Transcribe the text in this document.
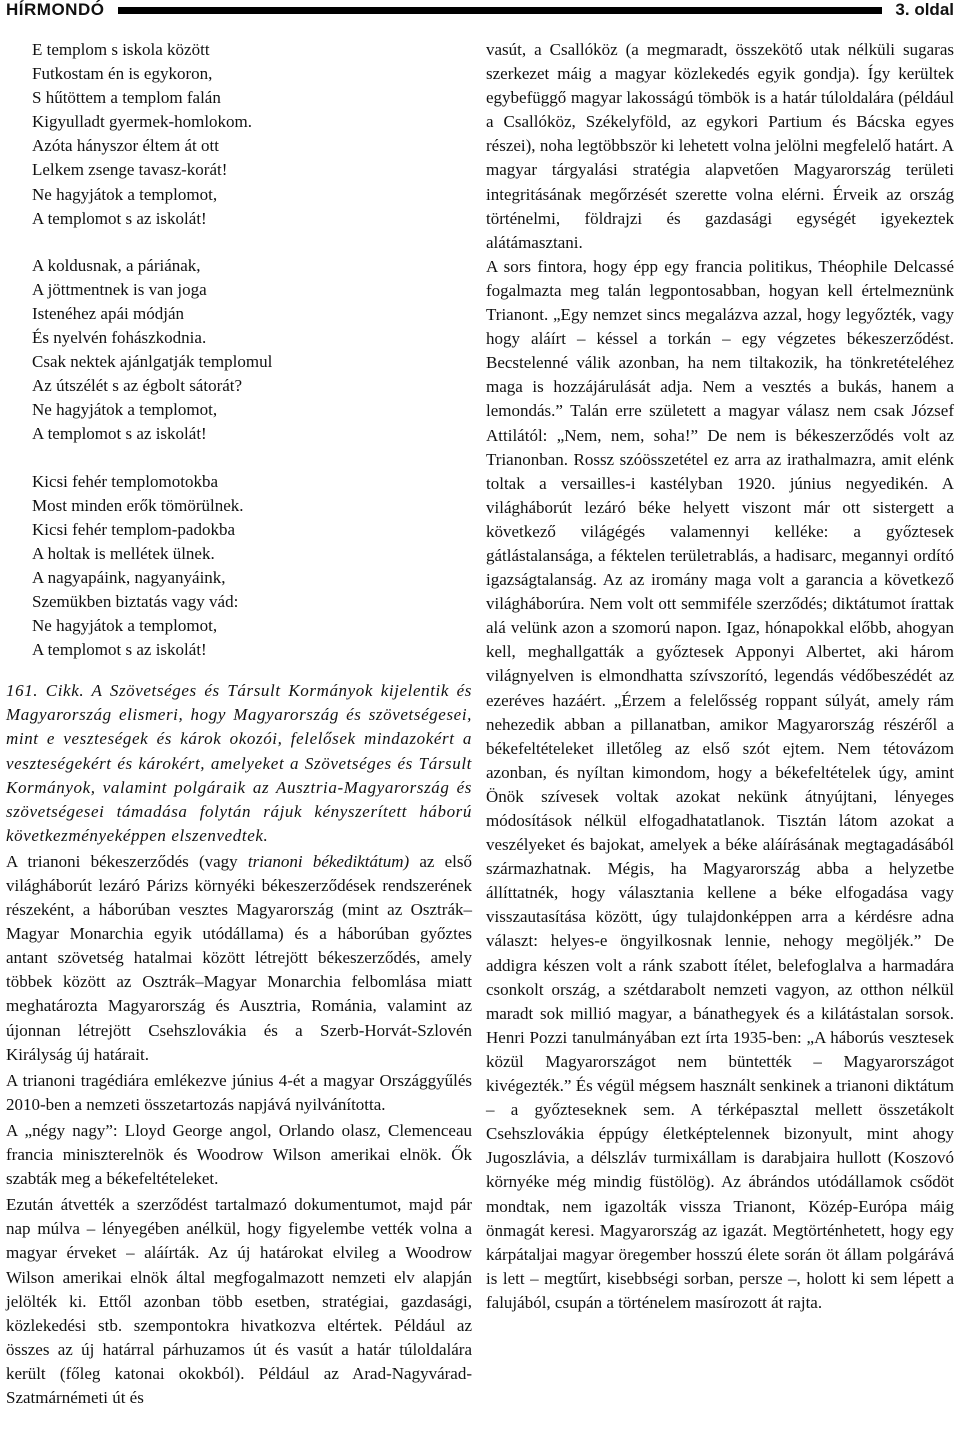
HÍRMONDÓ	3. oldal
E templom s iskola között
Futkostam én is egykoron,
S hűtöttem a templom falán
Kigyulladt gyermek-homlokom.
Azóta hányszor éltem át ott
Lelkem zsenge tavasz-korát!
Ne hagyjátok a templomot,
A templomot s az iskolát!
A koldusnak, a páriának,
A jöttmentnek is van joga
Istenéhez apái módján
És nyelvén fohászkodnia.
Csak nektek ajánlgatják templomul
Az útszélét s az égbolt sátorát?
Ne hagyjátok a templomot,
A templomot s az iskolát!
Kicsi fehér templomotokba
Most minden erők tömörülnek.
Kicsi fehér templom-padokba
A holtak is mellétek ülnek.
A nagyapáink, nagyanyáink,
Szemükben biztatás vagy vád:
Ne hagyjátok a templomot,
A templomot s az iskolát!

161. Cikk. A Szövetséges és Társult Kormányok kijelentik és Magyarország elismeri, hogy Magyarország és szövetségesei, mint e veszteségek és károk okozói, felelősek mindazokért a veszteségekért és károkért, amelyeket a Szövetséges és Társult Kormányok, valamint polgáraik az Ausztria-Magyarország és szövetségesei támadása folytán rájuk kényszerített háború következményeképpen elszenvedtek.

A trianoni békeszerződés (vagy trianoni békediktátum) az első világháborút lezáró Párizs környéki békeszerződések rendszerének részeként, a háborúban vesztes Magyarország (mint az Osztrák–Magyar Monarchia egyik utódállama) és a háborúban győztes antant szövetség hatalmai között létrejött békeszerződés, amely többek között az Osztrák–Magyar Monarchia felbomlása miatt meghatározta Magyarország és Ausztria, Románia, valamint az újonnan létrejött Csehszlovákia és a Szerb-Horvát-Szlovén Királyság új határait.

A trianoni tragédiára emlékezve június 4-ét a magyar Országgyűlés 2010-ben a nemzeti összetartozás napjává nyilvánította.

A „négy nagy”: Lloyd George angol, Orlando olasz, Clemenceau francia miniszterelnök és Woodrow Wilson amerikai elnök. Ők szabták meg a békefeltételeket.

Ezután átvették a szerződést tartalmazó dokumentumot, majd pár nap múlva – lényegében anélkül, hogy figyelembe vették volna a magyar érveket – aláírták. Az új határokat elvileg a Woodrow Wilson amerikai elnök által megfogalmazott nemzeti elv alapján jelölték ki. Ettől azonban több esetben, stratégiai, gazdasági, közlekedési stb. szempontokra hivatkozva eltértek. Például az összes az új határral párhuzamos út és vasút a határ túloldalára került (főleg katonai okokból). Például az Arad-Nagyvárad-Szatmárnémeti út és

vasút, a Csallóköz (a megmaradt, összekötő utak nélküli sugaras szerkezet máig a magyar közlekedés egyik gondja). Így kerültek egybefüggő magyar lakosságú tömbök is a határ túloldalára (például a Csallóköz, Székelyföld, az egykori Partium és Bácska egyes részei), noha legtöbbször ki lehetett volna jelölni megfelelő határt. A magyar tárgyalási stratégia alapvetően Magyarország területi integritásának megőrzését szerette volna elérni. Érveik az ország történelmi, földrajzi és gazdasági egységét igyekeztek alátámasztani.

A sors fintora, hogy épp egy francia politikus, Théophile Delcassé fogalmazta meg talán legpontosabban, hogyan kell értelmeznünk Trianont. „Egy nemzet sincs megalázva azzal, hogy legyőzték, vagy hogy aláírt – késsel a torkán – egy végzetes békeszerződést. Becstelenné válik azonban, ha nem tiltakozik, ha tönkretételéhez maga is hozzájárulását adja. Nem a vesztés a bukás, hanem a lemondás.” Talán erre született a magyar válasz nem csak József Attilától: „Nem, nem, soha!” De nem is békeszerződés volt az Trianonban. Rossz szóösszetétel ez arra az irathalmazra, amit elénk toltak a versailles-i kastélyban 1920. június negyedikén. A világháborút lezáró béke helyett viszont már ott sistergett a következő világégés valamennyi kelléke: a győztesek gátlástalansága, a féktelen területrablás, a hadisarc, megannyi ordító igazságtalanság. Az az iromány maga volt a garancia a következő világháborúra. Nem volt ott semmiféle szerződés; diktátumot írattak alá velünk azon a szomorú napon. Igaz, hónapokkal előbb, ahogyan kell, meghallgatták a győztesek Apponyi Albertet, aki három világnyelven is elmondhatta szívszorító, legendás védőbeszédét az ezeréves hazáért. „Érzem a felelősség roppant súlyát, amely rám nehezedik abban a pillanatban, amikor Magyarország részéről a békefeltételeket illetőleg az első szót ejtem. Nem tétovázom azonban, és nyíltan kimondom, hogy a békefeltételek úgy, amint Önök szívesek voltak azokat nekünk átnyújtani, lényeges módosítások nélkül elfogadhatatlanok. Tisztán látom azokat a veszélyeket és bajokat, amelyek a béke aláírásának megtagadásából származhatnak. Mégis, ha Magyarország abba a helyzetbe állíttatnék, hogy választania kellene a béke elfogadása vagy visszautasítása között, úgy tulajdonképpen arra a kérdésre adna választ: helyes-e öngyilkosnak lennie, nehogy megöljék.” De addigra készen volt a ránk szabott ítélet, belefoglalva a harmadára csonkolt ország, a szétdarabolt nemzeti vagyon, az otthon nélkül maradt sok millió magyar, a bánathegyek és a kilátástalan sorsok. Henri Pozzi tanulmányában ezt írta 1935-ben: „A háborús vesztesek közül Magyarországot nem büntették – Magyarországot kivégezték.” És végül mégsem használt senkinek a trianoni diktátum – a győzteseknek sem. A térképasztal mellett összetákolt Csehszlovákia éppúgy életképtelennek bizonyult, mint ahogy Jugoszlávia, a délszláv turmixállam is darabjaira hullott (Koszovó környéke még mindig füstölög). Az ábrándos utódállamok csődöt mondtak, nem igazolták vissza Trianont, Közép-Európa máig önmagát keresi. Magyarország az igazát. Megtörténhetett, hogy egy kárpátaljai magyar öregember hosszú élete során öt állam polgárává is lett – megtűrt, kisebbségi sorban, persze –, holott ki sem lépett a falujából, csupán a történelem masírozott át rajta.
